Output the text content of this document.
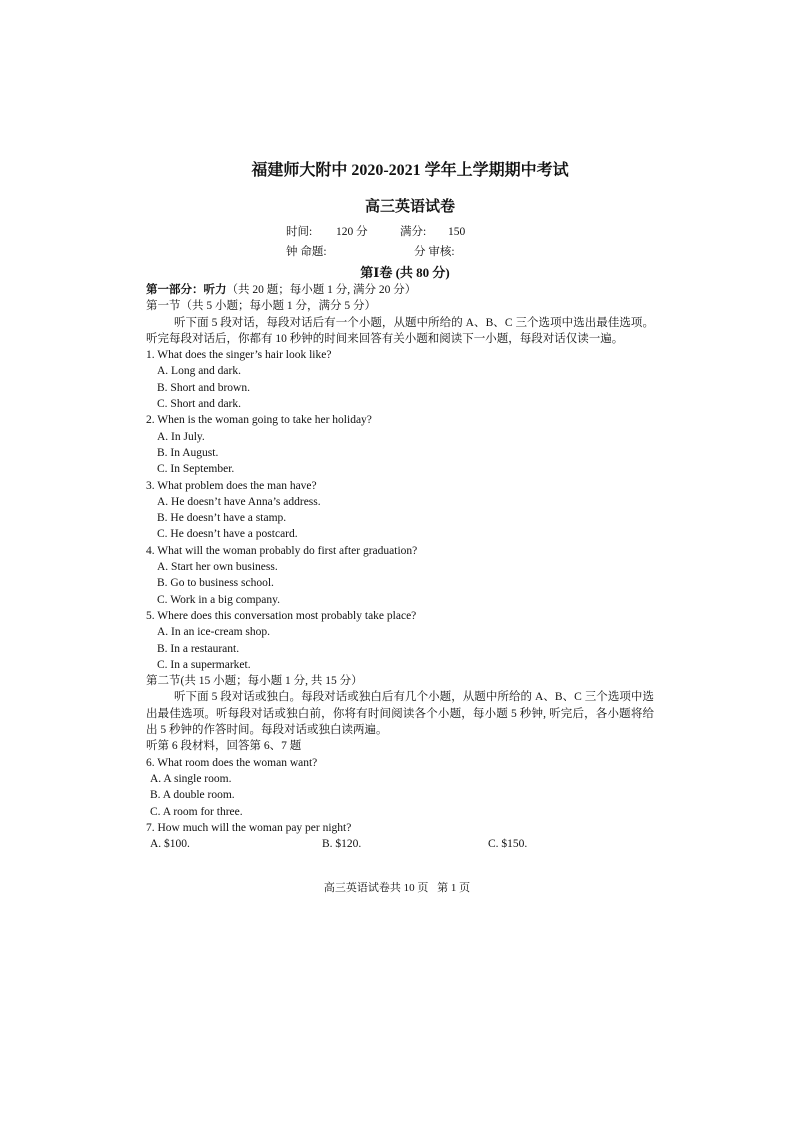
福建师大附中 2020-2021 学年上学期期中考试
高三英语试卷
时间:	120 分	满分:	150
钟 命题:	分 审核:
第Ⅰ卷 (共 80 分)
第一部分：听力（共 20 题；每小题 1 分, 满分 20 分）
第一节（共 5 小题；每小题 1 分，满分 5 分）
听下面 5 段对话，每段对话后有一个小题，从题中所给的 A、B、C 三个选项中选出最佳选项。听完每段对话后，你都有 10 秒钟的时间来回答有关小题和阅读下一小题，每段对话仅读一遍。
1. What does the singer’s hair look like?
A. Long and dark.
B. Short and brown.
C. Short and dark.
2. When is the woman going to take her holiday?
A. In July.
B. In August.
C. In September.
3. What problem does the man have?
A. He doesn’t have Anna’s address.
B. He doesn’t have a stamp.
C. He doesn’t have a postcard.
4. What will the woman probably do first after graduation?
A. Start her own business.
B. Go to business school.
C. Work in a big company.
5. Where does this conversation most probably take place?
A. In an ice-cream shop.
B. In a restaurant.
C. In a supermarket.
第二节(共 15 小题；每小题 1 分, 共 15 分）
听下面 5 段对话或独白。每段对话或独白后有几个小题，从题中所给的 A、B、C 三个选项中选出最佳选项。听每段对话或独白前，你将有时间阅读各个小题，每小题 5 秒钟, 听完后，各小题将给出 5 秒钟的作答时间。每段对话或独白读两遍。
听第 6 段材料，回答第 6、7 题
6. What room does the woman want?
A. A single room.
B. A double room.
C. A room for three.
7. How much will the woman pay per night?
A. $100.	B. $120.	C. $150.
高三英语试卷共 10 页 第 1 页
